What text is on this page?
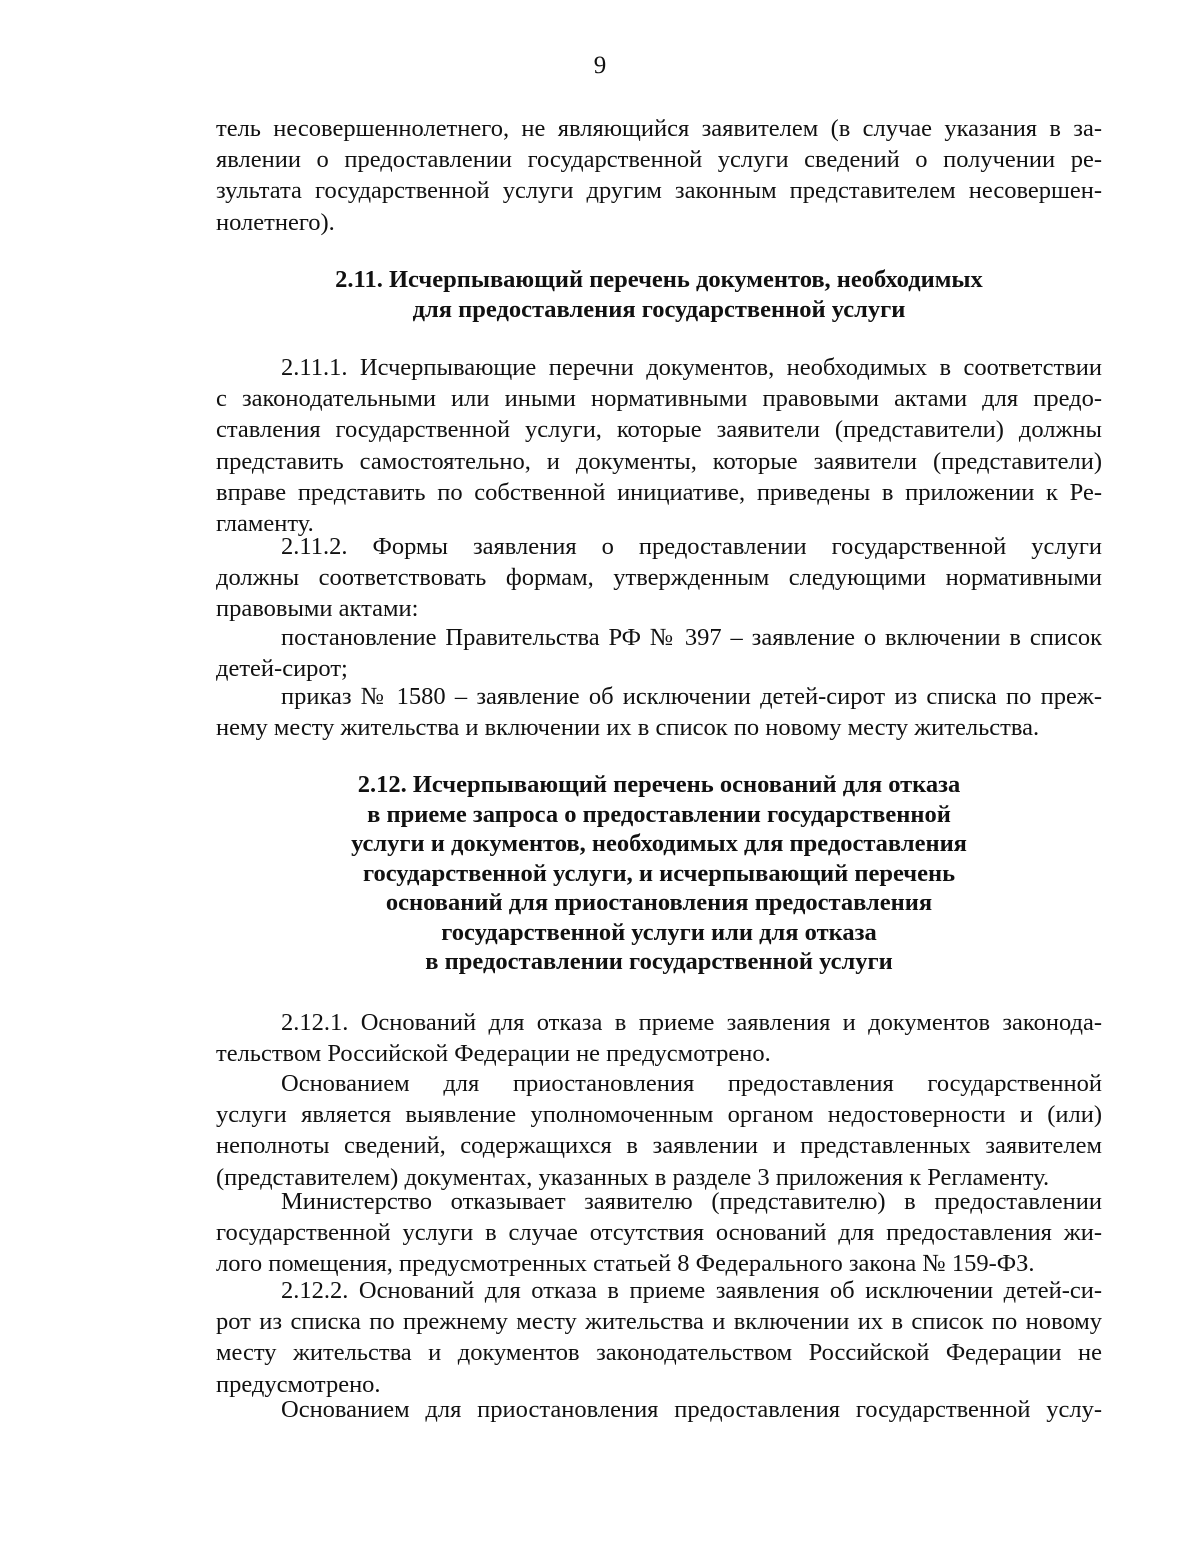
9
тель несовершеннолетнего, не являющийся заявителем (в случае указания в за-
явлении о предоставлении государственной услуги сведений о получении ре-
зультата государственной услуги другим законным представителем несовершен-
нолетнего).
2.11. Исчерпывающий перечень документов, необходимых
для предоставления государственной услуги
2.11.1. Исчерпывающие перечни документов, необходимых в соответствии
с законодательными или иными нормативными правовыми актами для предо-
ставления государственной услуги, которые заявители (представители) должны
представить самостоятельно, и документы, которые заявители (представители)
вправе представить по собственной инициативе, приведены в приложении к Ре-
гламенту.
2.11.2. Формы заявления о предоставлении государственной услуги
должны соответствовать формам, утвержденным следующими нормативными
правовыми актами:
постановление Правительства РФ № 397 – заявление о включении в список
детей-сирот;
приказ № 1580 – заявление об исключении детей-сирот из списка по преж-
нему месту жительства и включении их в список по новому месту жительства.
2.12. Исчерпывающий перечень оснований для отказа
в приеме запроса о предоставлении государственной
услуги и документов, необходимых для предоставления
государственной услуги, и исчерпывающий перечень
оснований для приостановления предоставления
государственной услуги или для отказа
в предоставлении государственной услуги
2.12.1. Оснований для отказа в приеме заявления и документов законода-
тельством Российской Федерации не предусмотрено.
Основанием для приостановления предоставления государственной
услуги является выявление уполномоченным органом недостоверности и (или)
неполноты сведений, содержащихся в заявлении и представленных заявителем
(представителем) документах, указанных в разделе 3 приложения к Регламенту.
Министерство отказывает заявителю (представителю) в предоставлении
государственной услуги в случае отсутствия оснований для предоставления жи-
лого помещения, предусмотренных статьей 8 Федерального закона № 159-ФЗ.
2.12.2. Оснований для отказа в приеме заявления об исключении детей-си-
рот из списка по прежнему месту жительства и включении их в список по новому
месту жительства и документов законодательством Российской Федерации не
предусмотрено.
Основанием для приостановления предоставления государственной услу-
